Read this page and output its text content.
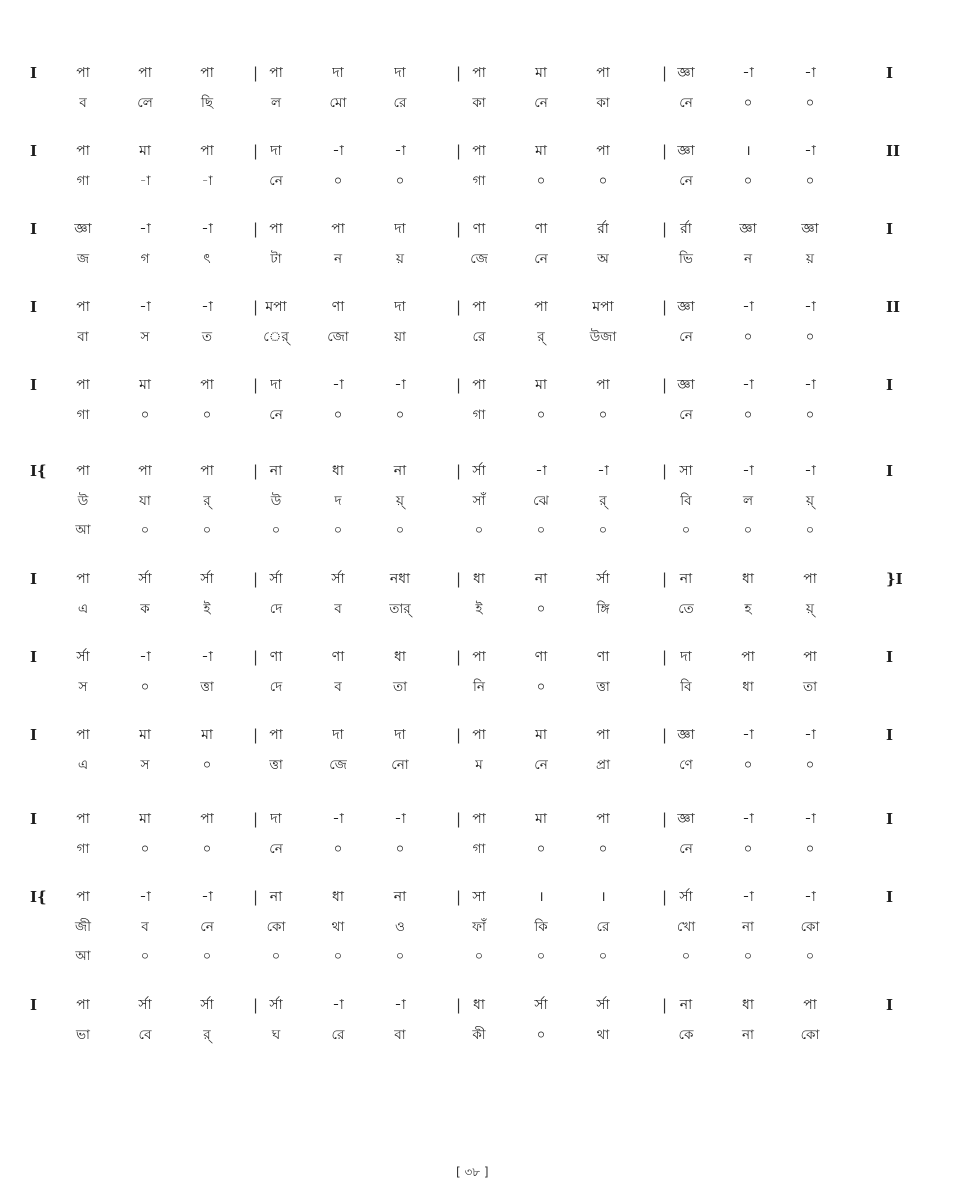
I	|	|	|	I
পা	পা	পা	পা	দা	দা	পা	মা	পা	জ্ঞা	-া	-া
ব	লে	ছি	ল	মো	রে	কা	নে	কা	নে	০	০
I	|	|	|	II
পা	মা	পা	দা	-া	-া	পা	মা	পা	জ্ঞা	।	-া
গা	-া	-া	নে	০	০	গা	০	০	নে	০	০
I	|	|	|	I
জ্ঞা	-া	-া	পা	পা	দা	ণা	ণা	র্রা	র্রা	জ্ঞা	জ্ঞা
জ	গ	ৎ	টা	ন	য়	জে	নে	অ	ভি	ন	য়
I	|	|	|	II
পা	-া	-া	মপা	ণা	দা	পা	পা	মপা	জ্ঞা	-া	-া
বা	স	ত	ের্	জো	য়া	রে	র্	উজা	নে	০	০
I	|	|	|	I
পা	মা	পা	দা	-া	-া	পা	মা	পা	জ্ঞা	-া	-া
গা	০	০	নে	০	০	গা	০	০	নে	০	০
I{	|	|	|	I
পা	পা	পা	না	ধা	না	র্সা	-া	-া	সা	-া	-া
উ	যা	র্	উ	দ	য়্	সাঁ	ঝে	র্	বি	ল	য়্
আ	০	০	০	০	০	০	০	০	০	০	০
I	|	|	|	}I
পা	র্সা	র্সা	র্সা	র্সা	নধা	ধা	না	র্সা	না	ধা	পা
এ	ক	ই	দে	ব	তার্	ই	০	ঙ্গি	তে	হ	য়্
I	|	|	|	I
র্সা	-া	-া	ণা	ণা	ধা	পা	ণা	ণা	দা	পা	পা
স	০	ত্তা	দে	ব	তা	নি	০	ত্তা	বি	ধা	তা
I	|	|	|	I
পা	মা	মা	পা	দা	দা	পা	মা	পা	জ্ঞা	-া	-া
এ	স	০	ত্তা	জে	নো	ম	নে	প্রা	ণে	০	০
I	|	|	|	I
পা	মা	পা	দা	-া	-া	পা	মা	পা	জ্ঞা	-া	-া
গা	০	০	নে	০	০	গা	০	০	নে	০	০
I{	|	|	|	I
পা	-া	-া	না	ধা	না	সা	।	।	র্সা	-া	-া
জী	ব	নে	কো	থা	ও	ফাঁ	কি	রে	খো	না	কো
আ	০	০	০	০	০	০	০	০	০	০	০
I	|	|	|	I
পা	র্সা	র্সা	র্সা	-া	-া	ধা	র্সা	র্সা	না	ধা	পা
ভা	বে	র্	ঘ	রে	বা	কী	০	থা	কে	না	কো
[ ৩৮ ]
